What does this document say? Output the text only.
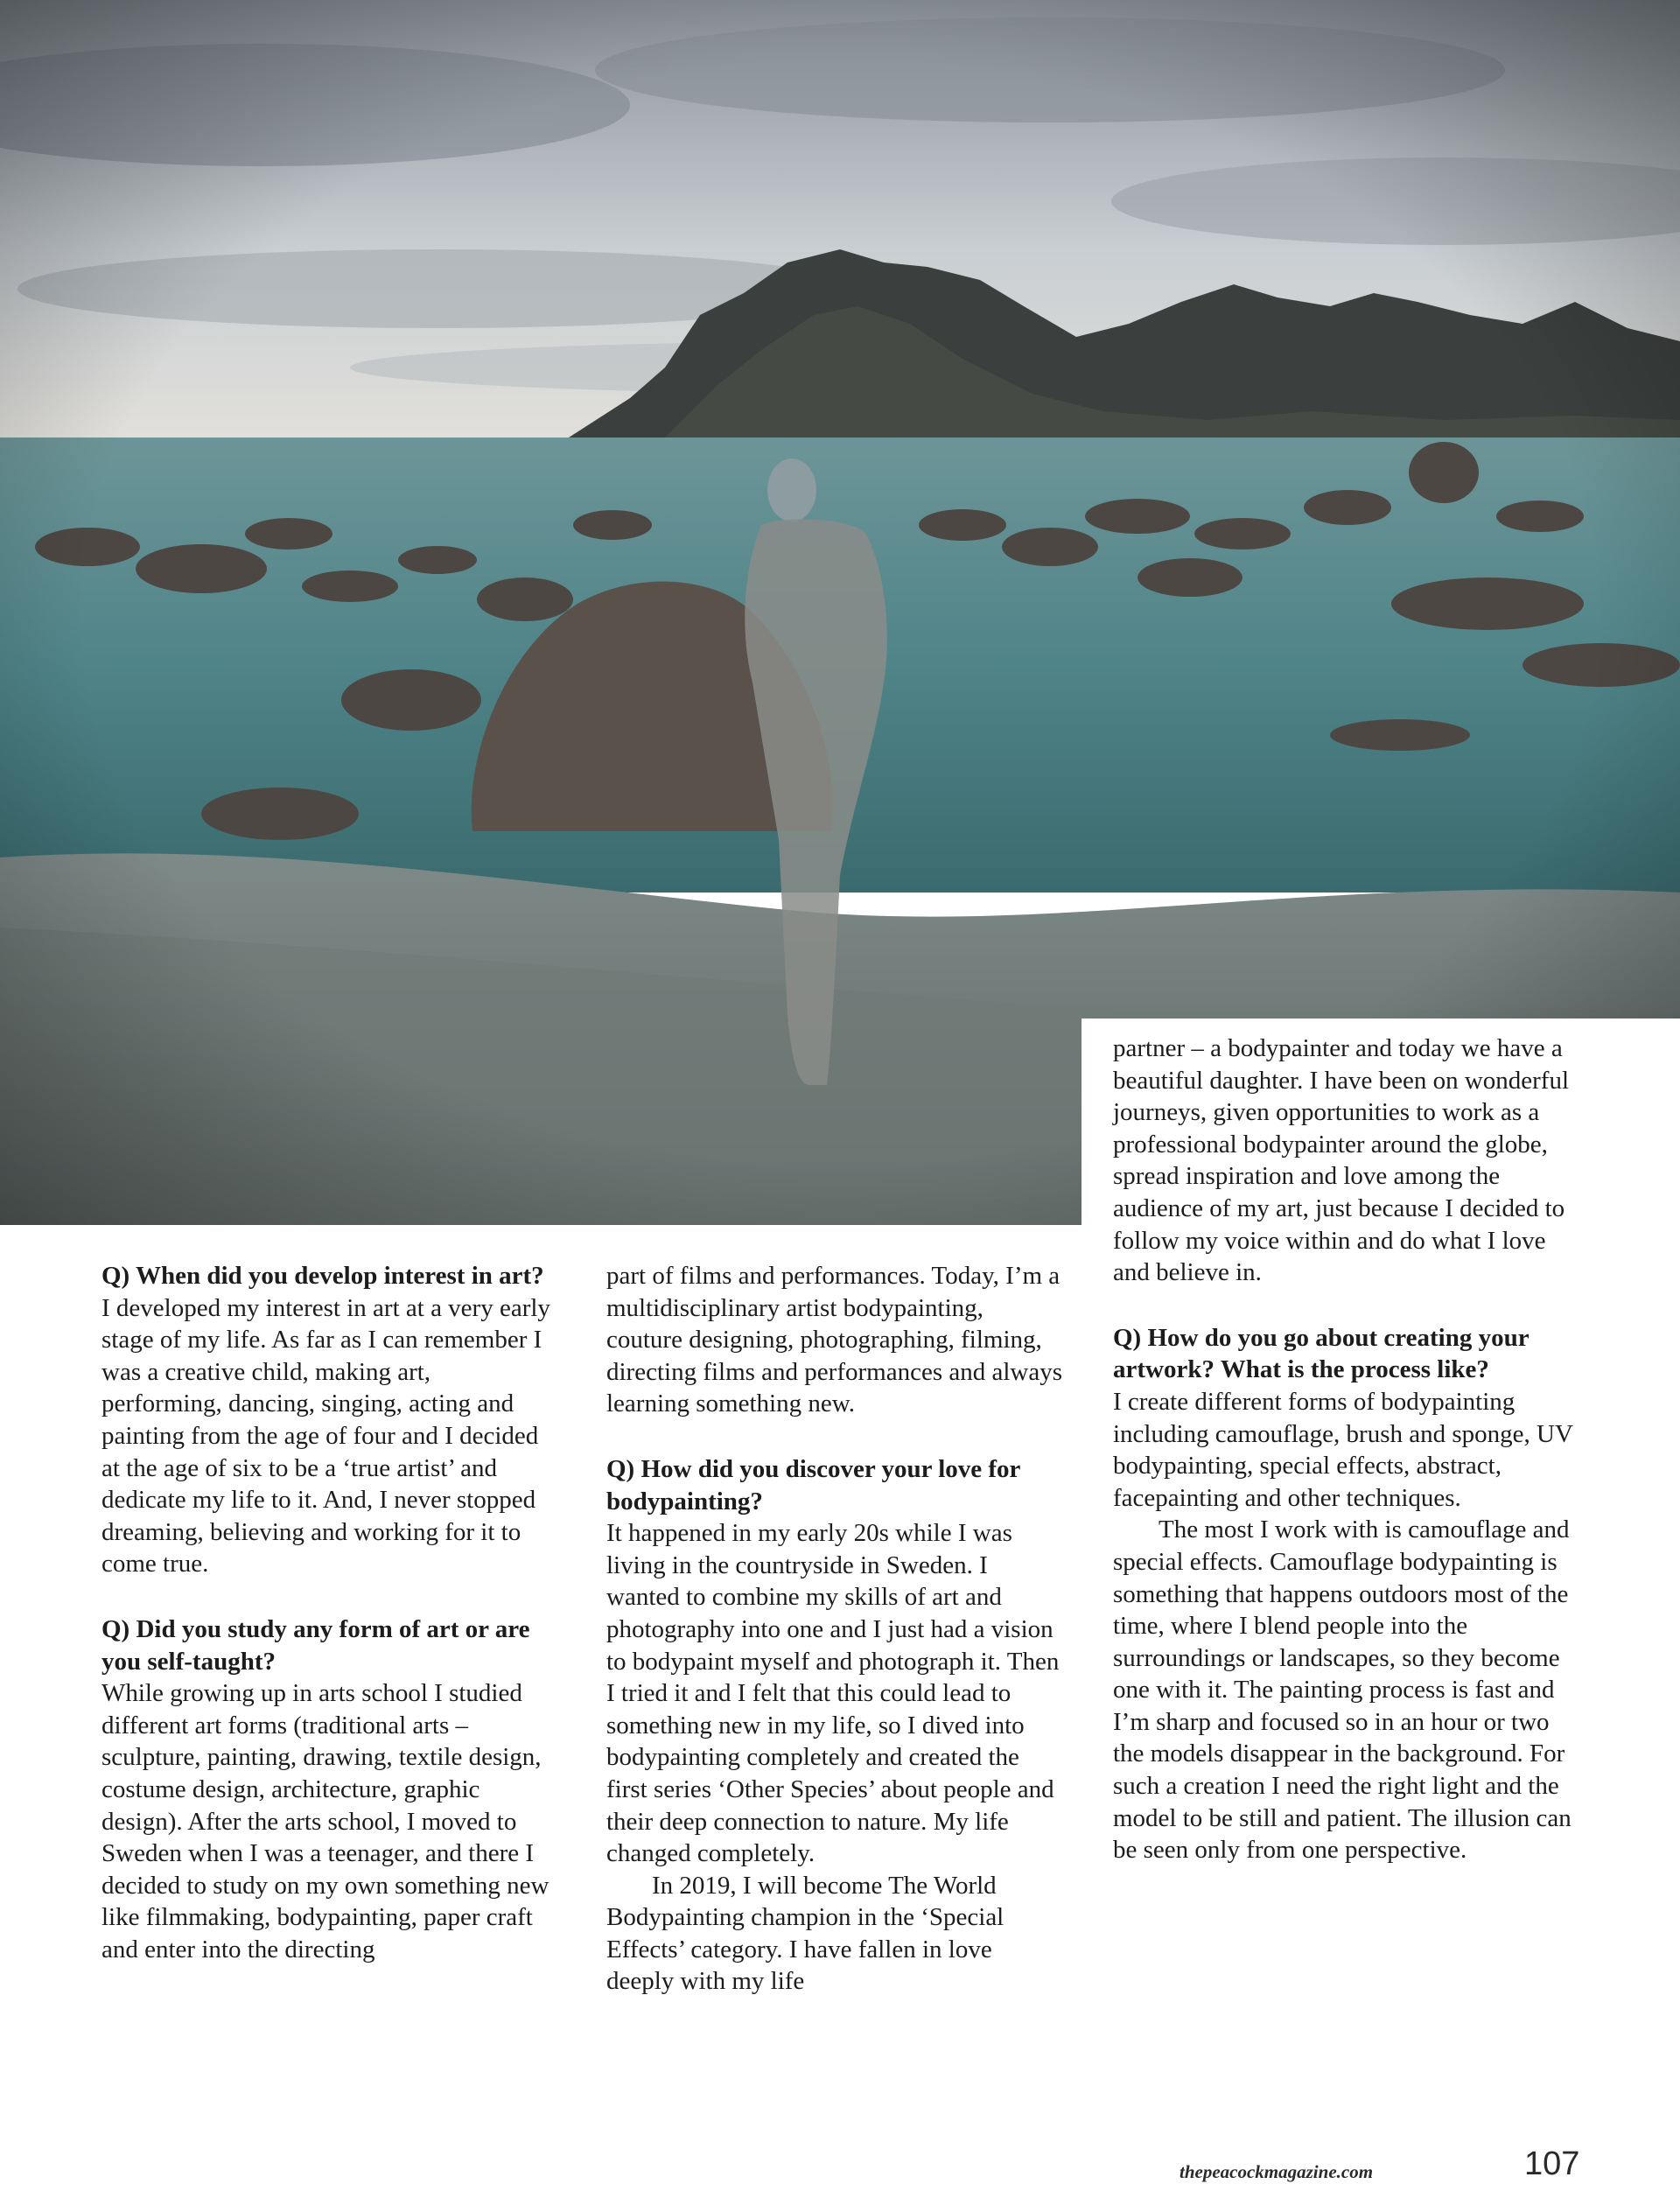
Q) When did you develop interest in art?

I developed my interest in art at a very early stage of my life. As far as I can remember I was a creative child, making art, performing, dancing, singing, acting and painting from the age of four and I decided at the age of six to be a ‘true artist’ and dedicate my life to it. And, I never stopped dreaming, believing and working for it to come true.

Q) Did you study any form of art or are you self-taught?

While growing up in arts school I studied different art forms (traditional arts – sculpture, painting, drawing, textile design, costume design, architecture, graphic design). After the arts school, I moved to Sweden when I was a teenager, and there I decided to study on my own something new like filmmaking, bodypainting, paper craft and enter into the directing

part of films and performances. Today, I’m a multidisciplinary artist bodypainting, couture designing, photographing, filming, directing films and performances and always learning something new.

Q) How did you discover your love for bodypainting?

It happened in my early 20s while I was living in the countryside in Sweden. I wanted to combine my skills of art and photography into one and I just had a vision to bodypaint myself and photograph it. Then I tried it and I felt that this could lead to something new in my life, so I dived into bodypainting completely and created the first series ‘Other Species’ about people and their deep connection to nature. My life changed completely.

In 2019, I will become The World Bodypainting champion in the ‘Special Effects’ category. I have fallen in love deeply with my life

partner – a bodypainter and today we have a beautiful daughter. I have been on wonderful journeys, given opportunities to work as a professional bodypainter around the globe, spread inspiration and love among the audience of my art, just because I decided to follow my voice within and do what I love and believe in.

Q) How do you go about creating your artwork? What is the process like?

I create different forms of bodypainting including camouflage, brush and sponge, UV bodypainting, special effects, abstract, facepainting and other techniques.

The most I work with is camouflage and special effects. Camouflage bodypainting is something that happens outdoors most of the time, where I blend people into the surroundings or landscapes, so they become one with it. The painting process is fast and I’m sharp and focused so in an hour or two the models disappear in the background. For such a creation I need the right light and the model to be still and patient. The illusion can be seen only from one perspective.

thepeacockmagazine.com	107
